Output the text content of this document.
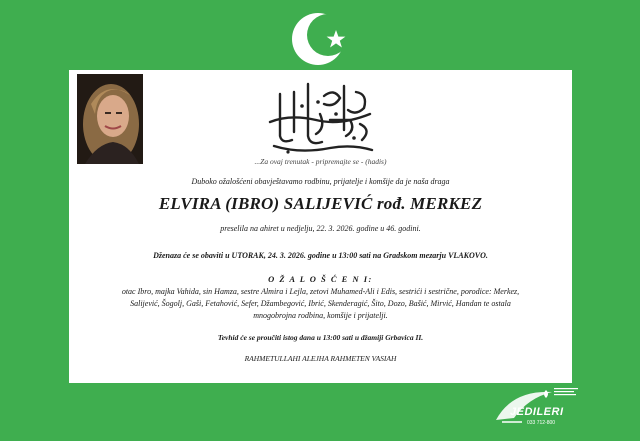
...Za ovaj trenutak - pripremajte se - (hadis)
Duboko ožalošćeni obavještavamo rodbinu, prijatelje i komšije da je naša draga
ELVIRA (IBRO) SALIJEVIĆ rođ. MERKEZ
preselila na ahiret u nedjelju, 22. 3. 2026. godine u 46. godini.
Dženaza će se obaviti u UTORAK, 24. 3. 2026. godine u 13:00 sati na Gradskom mezarju VLAKOVO.
O Ž A L O Š Ć E N I:
otac Ibro, majka Vahida, sin Hamza, sestre Almira i Lejla, zetovi Muhamed-Ali i Edis, sestrići i sestrične, porodice: Merkez,
Salijević, Šogolj, Gaši, Fetahović, Sefer, Džambegović, Ibrić, Skenderagić, Šito, Dozo, Bašić, Mirvić, Handan te ostala
mnogobrojna rodbina, komšije i prijatelji.
Tevhid će se proučiti istog dana u 13:00 sati u džamiji Grbavica II.
RAHMETULLAHI ALEJHA RAHMETEN VASIAH
JEDILERI
033 712-800
